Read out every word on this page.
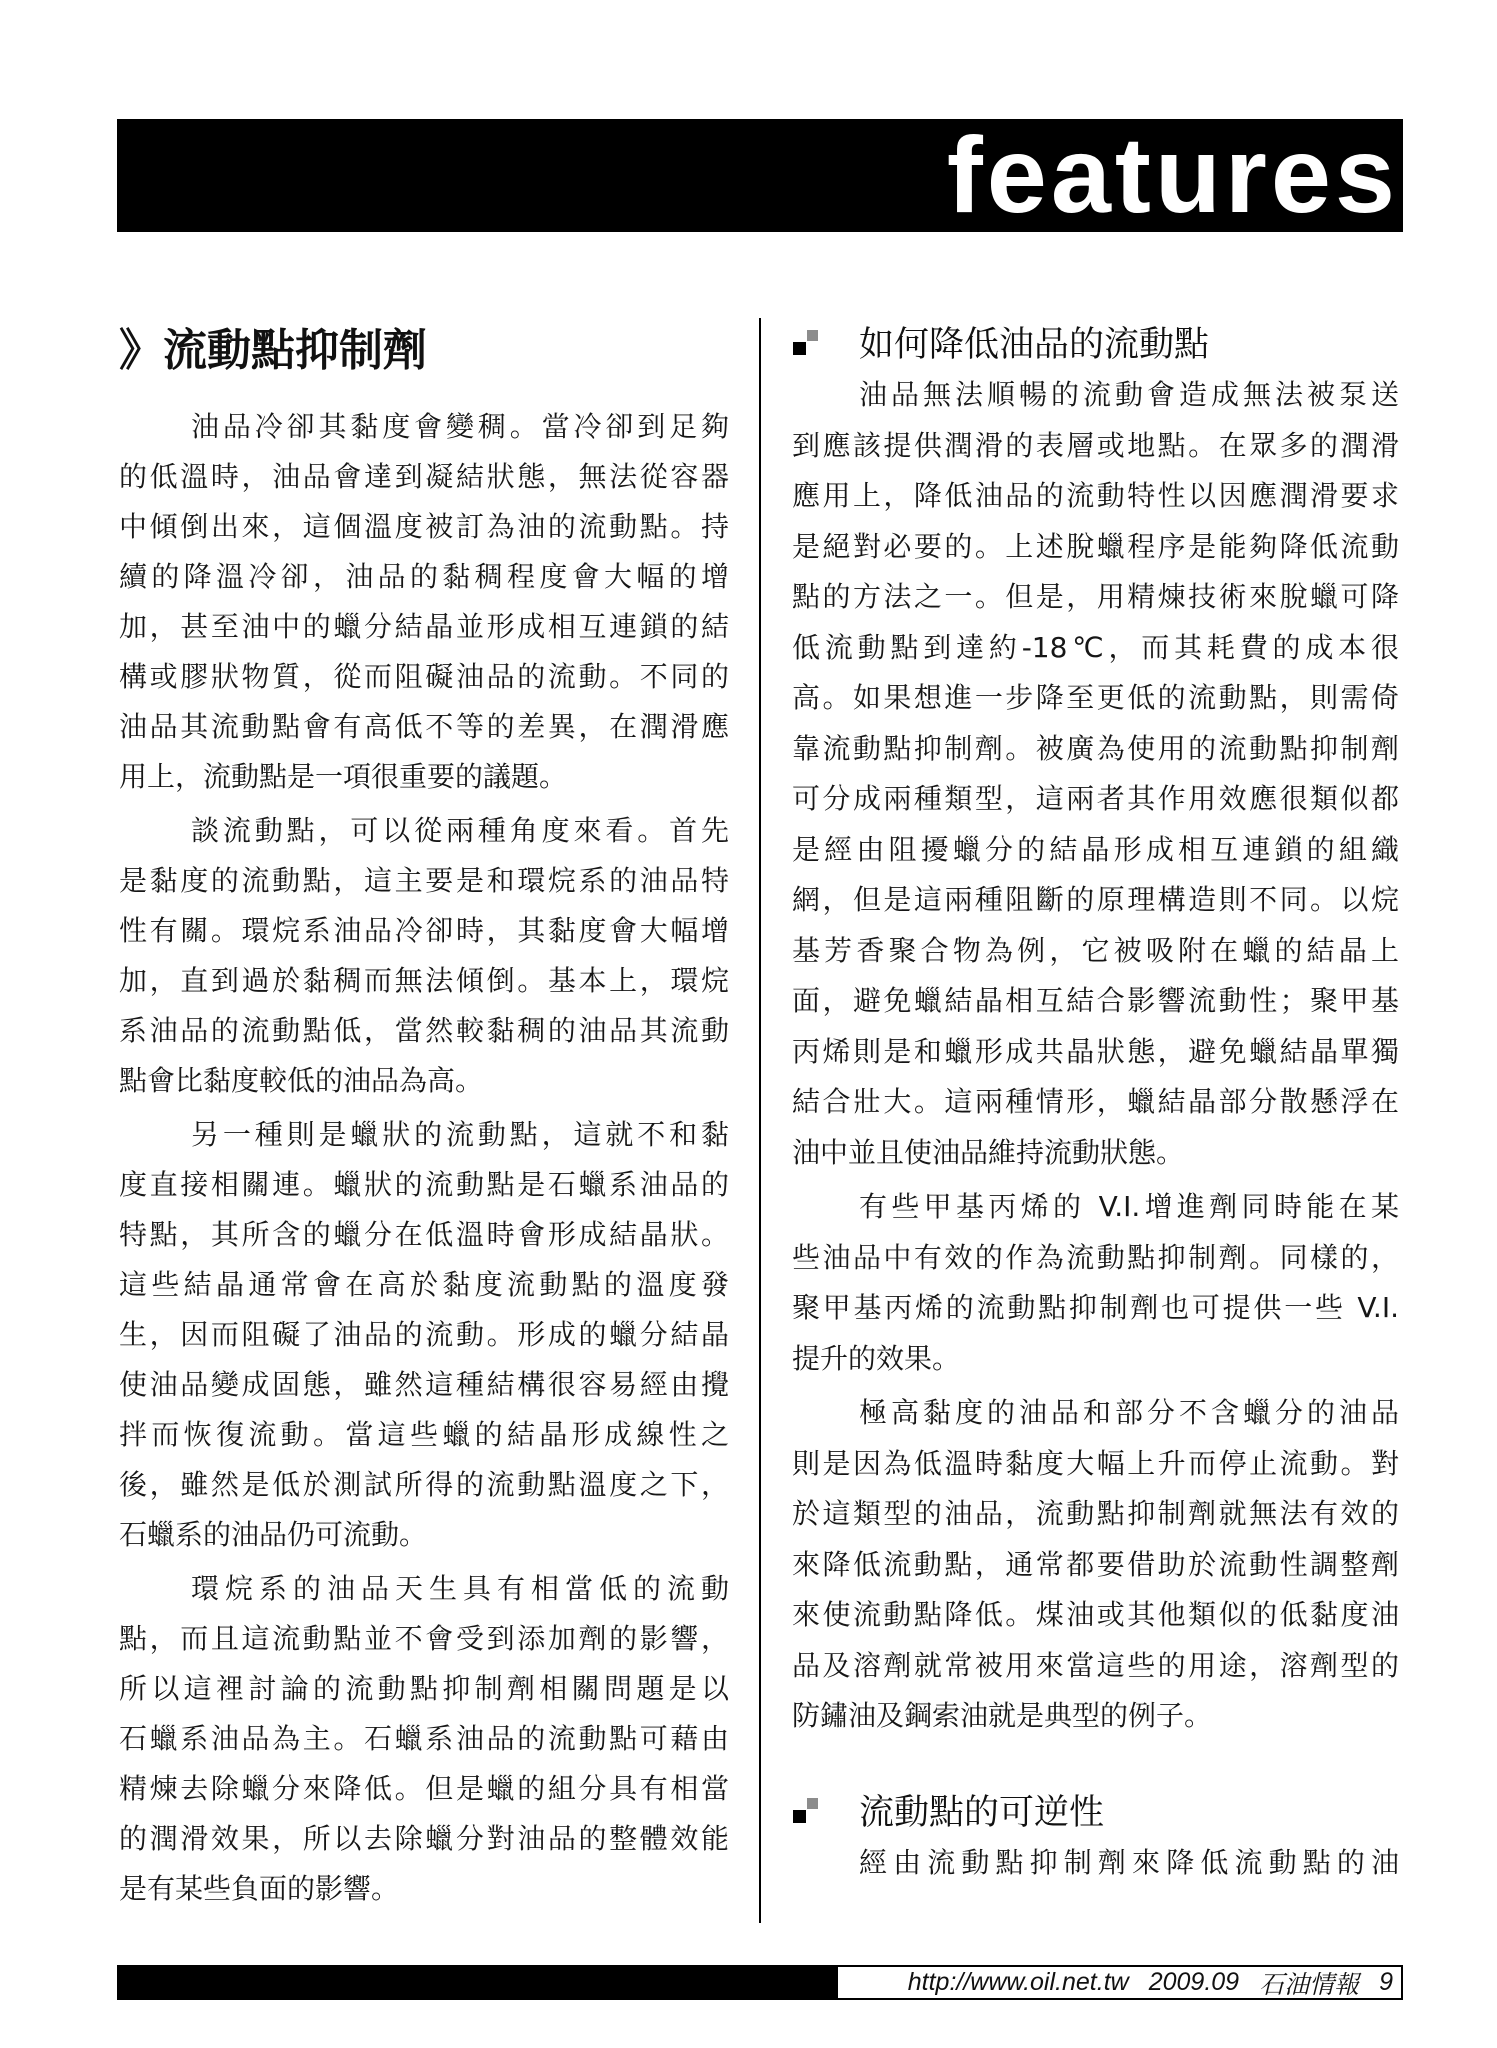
features
》流動點抑制劑
油品冷卻其黏度會變稠。當冷卻到足夠
的低溫時，油品會達到凝結狀態，無法從容器
中傾倒出來，這個溫度被訂為油的流動點。持
續的降溫冷卻，油品的黏稠程度會大幅的增
加，甚至油中的蠟分結晶並形成相互連鎖的結
構或膠狀物質，從而阻礙油品的流動。不同的
油品其流動點會有高低不等的差異，在潤滑應
用上，流動點是一項很重要的議題。
談流動點，可以從兩種角度來看。首先
是黏度的流動點，這主要是和環烷系的油品特
性有關。環烷系油品冷卻時，其黏度會大幅增
加，直到過於黏稠而無法傾倒。基本上，環烷
系油品的流動點低，當然較黏稠的油品其流動
點會比黏度較低的油品為高。
另一種則是蠟狀的流動點，這就不和黏
度直接相關連。蠟狀的流動點是石蠟系油品的
特點，其所含的蠟分在低溫時會形成結晶狀。
這些結晶通常會在高於黏度流動點的溫度發
生，因而阻礙了油品的流動。形成的蠟分結晶
使油品變成固態，雖然這種結構很容易經由攪
拌而恢復流動。當這些蠟的結晶形成線性之
後，雖然是低於測試所得的流動點溫度之下，
石蠟系的油品仍可流動。
環烷系的油品天生具有相當低的流動
點，而且這流動點並不會受到添加劑的影響，
所以這裡討論的流動點抑制劑相關問題是以
石蠟系油品為主。石蠟系油品的流動點可藉由
精煉去除蠟分來降低。但是蠟的組分具有相當
的潤滑效果，所以去除蠟分對油品的整體效能
是有某些負面的影響。
如何降低油品的流動點
油品無法順暢的流動會造成無法被泵送
到應該提供潤滑的表層或地點。在眾多的潤滑
應用上，降低油品的流動特性以因應潤滑要求
是絕對必要的。上述脫蠟程序是能夠降低流動
點的方法之一。但是，用精煉技術來脫蠟可降
低流動點到達約-18℃，而其耗費的成本很
高。如果想進一步降至更低的流動點，則需倚
靠流動點抑制劑。被廣為使用的流動點抑制劑
可分成兩種類型，這兩者其作用效應很類似都
是經由阻擾蠟分的結晶形成相互連鎖的組織
網，但是這兩種阻斷的原理構造則不同。以烷
基芳香聚合物為例，它被吸附在蠟的結晶上
面，避免蠟結晶相互結合影響流動性；聚甲基
丙烯則是和蠟形成共晶狀態，避免蠟結晶單獨
結合壯大。這兩種情形，蠟結晶部分散懸浮在
油中並且使油品維持流動狀態。
有些甲基丙烯的 V.I.增進劑同時能在某
些油品中有效的作為流動點抑制劑。同樣的，
聚甲基丙烯的流動點抑制劑也可提供一些 V.I.
提升的效果。
極高黏度的油品和部分不含蠟分的油品
則是因為低溫時黏度大幅上升而停止流動。對
於這類型的油品，流動點抑制劑就無法有效的
來降低流動點，通常都要借助於流動性調整劑
來使流動點降低。煤油或其他類似的低黏度油
品及溶劑就常被用來當這些的用途，溶劑型的
防鏽油及鋼索油就是典型的例子。
流動點的可逆性
經由流動點抑制劑來降低流動點的油
http://www.oil.net.tw 2009.09 石油情報 9
